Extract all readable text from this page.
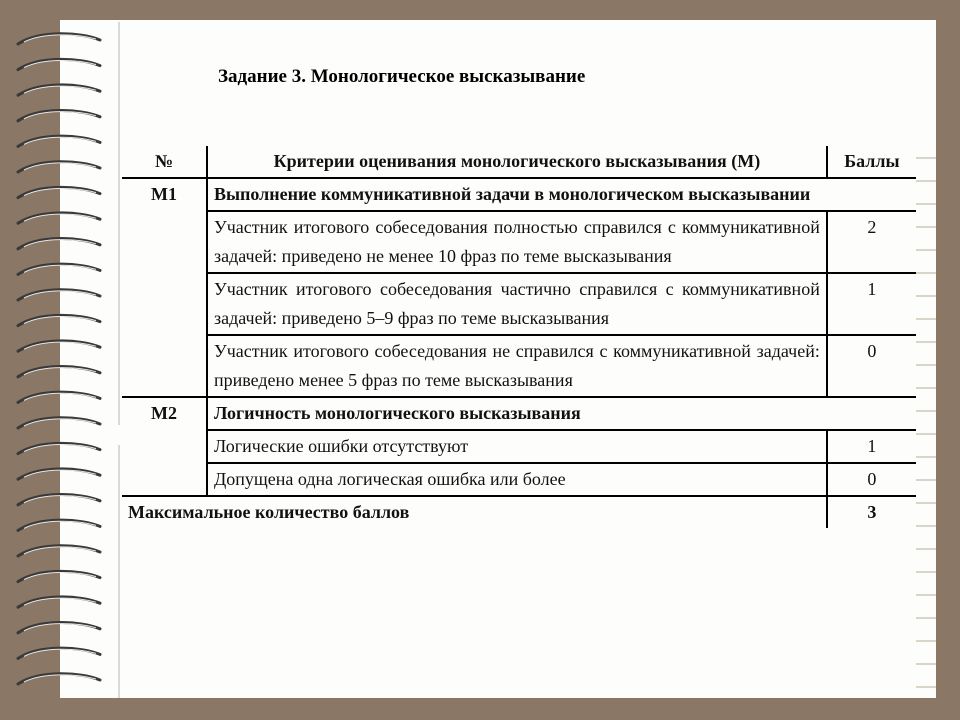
Задание 3. Монологическое высказывание
№	Критерии оценивания монологического высказывания (М)	Баллы
М1	Выполнение коммуникативной задачи в монологическом высказывании	
	Участник итогового собеседования полностью справился с коммуникативной задачей: приведено не менее 10 фраз по теме высказывания	2
	Участник итогового собеседования частично справился с коммуникативной задачей: приведено 5–9 фраз по теме высказывания	1
	Участник итогового собеседования не справился с коммуникативной задачей: приведено менее 5 фраз по теме высказывания	0
М2	Логичность монологического высказывания	
	Логические ошибки отсутствуют	1
	Допущена одна логическая ошибка или более	0
Максимальное количество баллов		3
